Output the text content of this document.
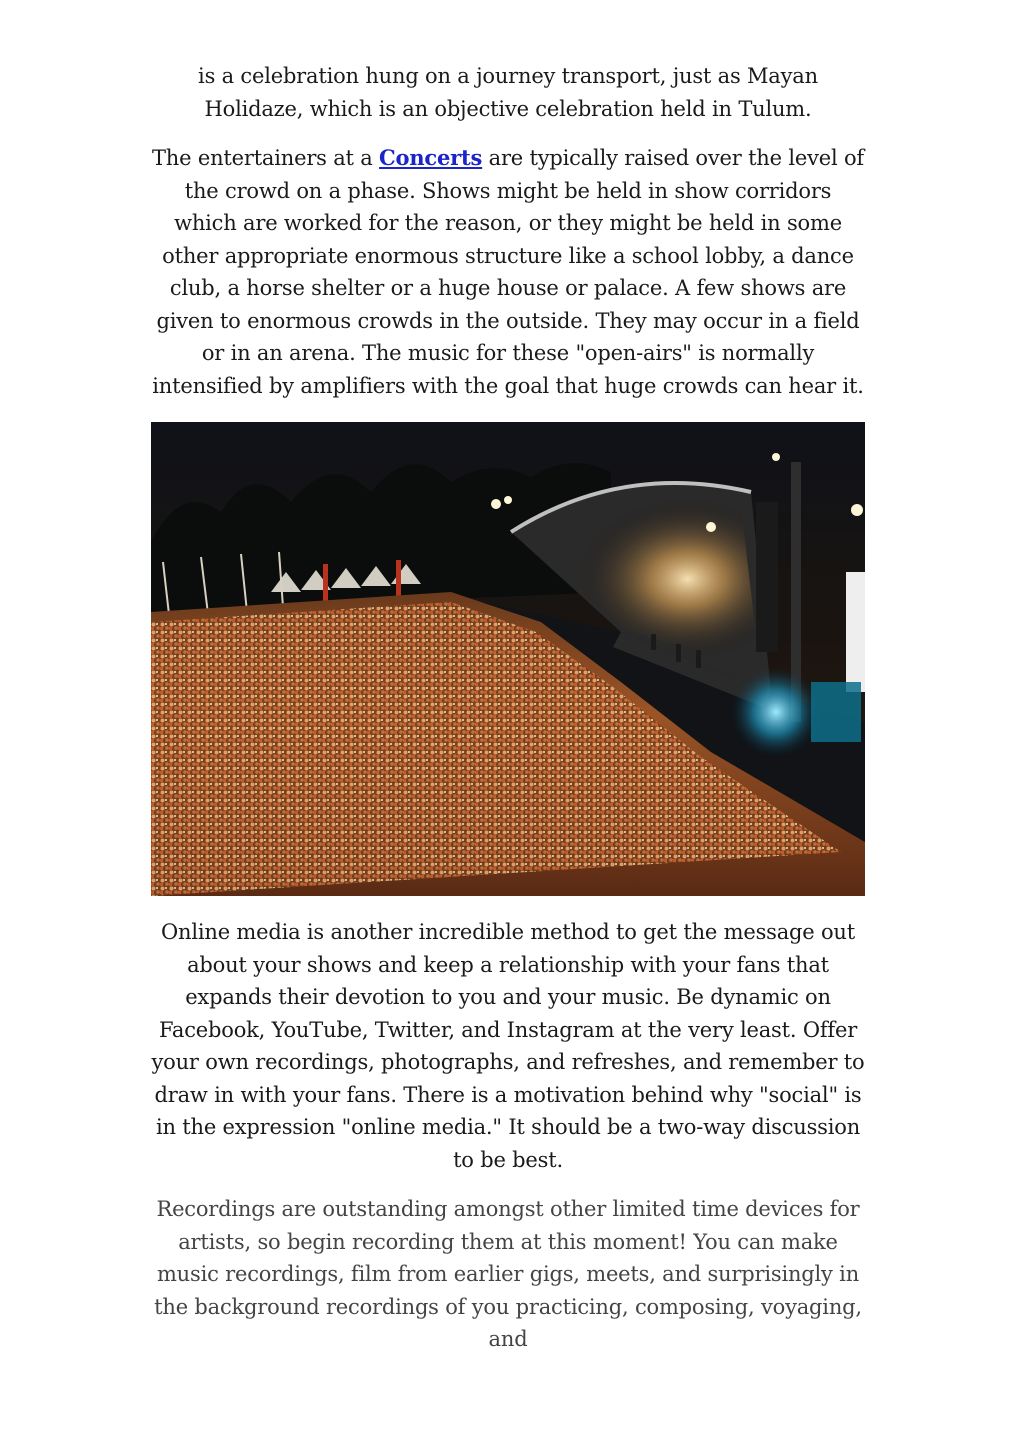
is a celebration hung on a journey transport, just as Mayan Holidaze, which is an objective celebration held in Tulum.

The entertainers at a Concerts are typically raised over the level of the crowd on a phase. Shows might be held in show corridors which are worked for the reason, or they might be held in some other appropriate enormous structure like a school lobby, a dance club, a horse shelter or a huge house or palace. A few shows are given to enormous crowds in the outside. They may occur in a field or in an arena. The music for these "open-airs" is normally intensified by amplifiers with the goal that huge crowds can hear it.

Online media is another incredible method to get the message out about your shows and keep a relationship with your fans that expands their devotion to you and your music. Be dynamic on Facebook, YouTube, Twitter, and Instagram at the very least. Offer your own recordings, photographs, and refreshes, and remember to draw in with your fans. There is a motivation behind why "social" is in the expression "online media." It should be a two-way discussion to be best.

Recordings are outstanding amongst other limited time devices for artists, so begin recording them at this moment! You can make music recordings, film from earlier gigs, meets, and surprisingly in the background recordings of you practicing, composing, voyaging, and
